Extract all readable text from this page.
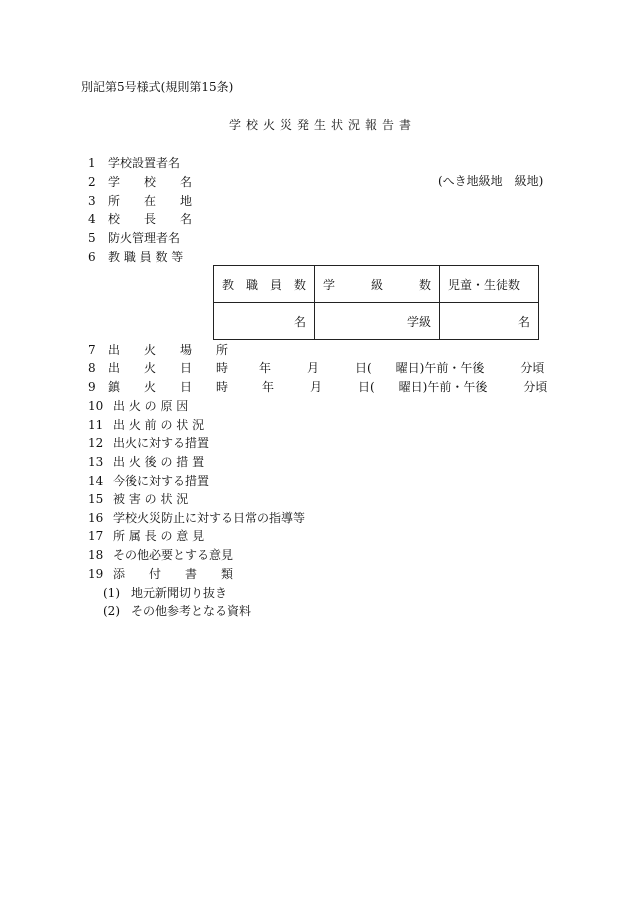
別記第5号様式(規則第15条)
学校火災発生状況報告書
1	学校設置者名
2	学　　校　　名	(へき地級地　級地)
3	所　　在　　地
4	校　　長　　名
5	防火管理者名
6	教 職 員 数 等
教　職　員　数	学　　　級　　　数	児童・生徒数
名	学級	名
7	出　　火　　場　　所
8	出　　火　　日　　時	年　　　月　　　日(　　曜日)午前・午後　　　分頃
9	鎮　　火　　日　　時	年　　　月　　　日(　　曜日)午前・午後　　　分頃
10 出 火 の 原 因
11 出 火 前 の 状 況
12 出火に対する措置
13 出 火 後 の 措 置
14 今後に対する措置
15 被 害 の 状 況
16 学校火災防止に対する日常の指導等
17 所 属 長 の 意 見
18 その他必要とする意見
19 添　　付　　書　　類
(1) 地元新聞切り抜き
(2) その他参考となる資料
